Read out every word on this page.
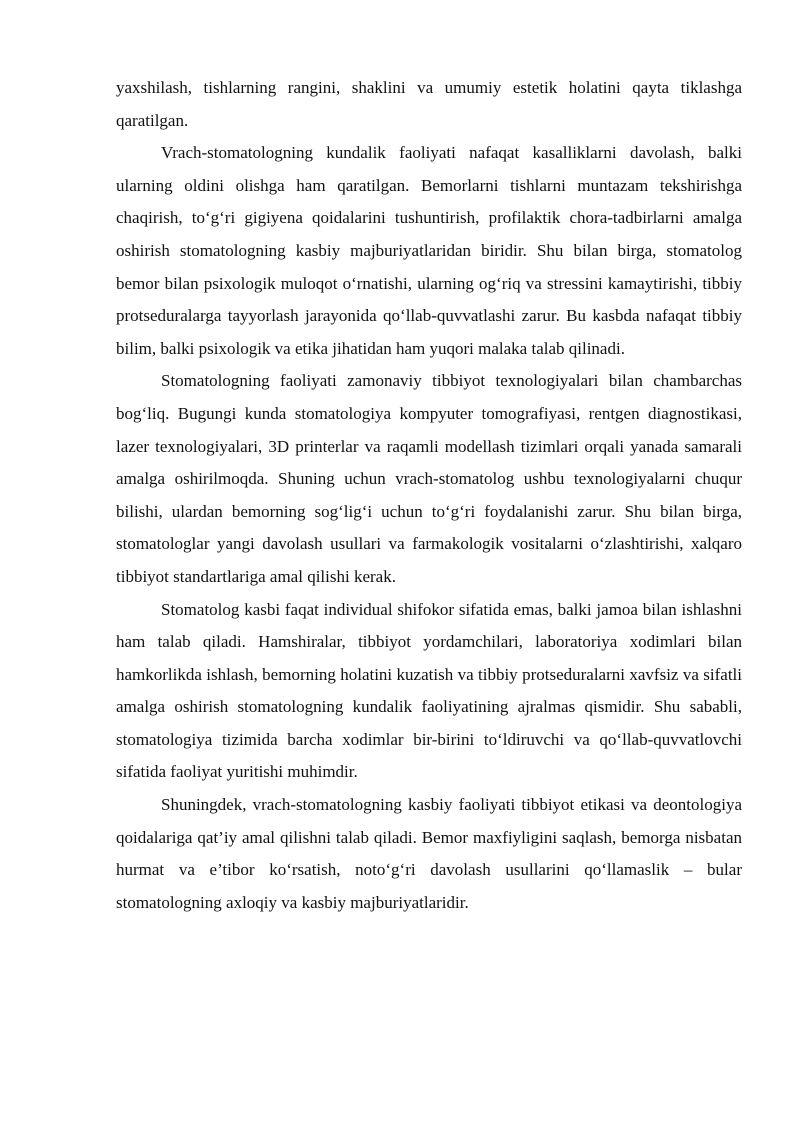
yaxshilash, tishlarning rangini, shaklini va umumiy estetik holatini qayta tiklashga qaratilgan.

Vrach-stomatologning kundalik faoliyati nafaqat kasalliklarni davolash, balki ularning oldini olishga ham qaratilgan. Bemorlarni tishlarni muntazam tekshirishga chaqirish, to‘g‘ri gigiyena qoidalarini tushuntirish, profilaktik chora-tadbirlarni amalga oshirish stomatologning kasbiy majburiyatlaridan biridir. Shu bilan birga, stomatolog bemor bilan psixologik muloqot o‘rnatishi, ularning og‘riq va stressini kamaytirishi, tibbiy protseduralarga tayyorlash jarayonida qo‘llab-quvvatlashi zarur. Bu kasbda nafaqat tibbiy bilim, balki psixologik va etika jihatidan ham yuqori malaka talab qilinadi.

Stomatologning faoliyati zamonaviy tibbiyot texnologiyalari bilan chambarchas bog‘liq. Bugungi kunda stomatologiya kompyuter tomografiyasi, rentgen diagnostikasi, lazer texnologiyalari, 3D printerlar va raqamli modellash tizimlari orqali yanada samarali amalga oshirilmoqda. Shuning uchun vrach-stomatolog ushbu texnologiyalarni chuqur bilishi, ulardan bemorning sog‘lig‘i uchun to‘g‘ri foydalanishi zarur. Shu bilan birga, stomatologlar yangi davolash usullari va farmakologik vositalarni o‘zlashtirishi, xalqaro tibbiyot standartlariga amal qilishi kerak.

Stomatolog kasbi faqat individual shifokor sifatida emas, balki jamoa bilan ishlashni ham talab qiladi. Hamshiralar, tibbiyot yordamchilari, laboratoriya xodimlari bilan hamkorlikda ishlash, bemorning holatini kuzatish va tibbiy protseduralarni xavfsiz va sifatli amalga oshirish stomatologning kundalik faoliyatining ajralmas qismidir. Shu sababli, stomatologiya tizimida barcha xodimlar bir-birini to‘ldiruvchi va qo‘llab-quvvatlovchi sifatida faoliyat yuritishi muhimdir.

Shuningdek, vrach-stomatologning kasbiy faoliyati tibbiyot etikasi va deontologiya qoidalariga qat’iy amal qilishni talab qiladi. Bemor maxfiyligini saqlash, bemorga nisbatan hurmat va e’tibor ko‘rsatish, noto‘g‘ri davolash usullarini qo‘llamaslik – bular stomatologning axloqiy va kasbiy majburiyatlaridir.
